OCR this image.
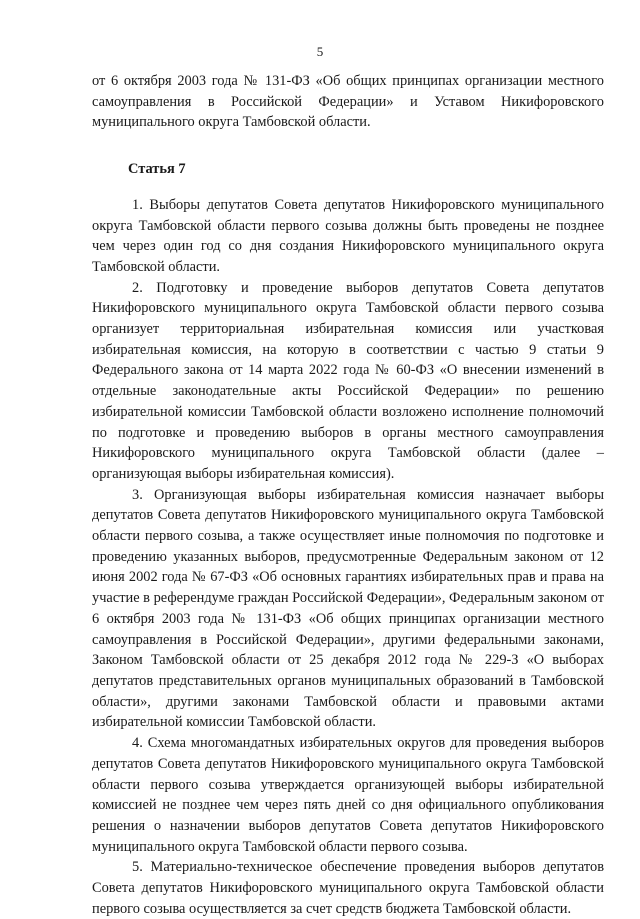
5

от 6 октября 2003 года № 131-ФЗ «Об общих принципах организации местного самоуправления в Российской Федерации» и Уставом Никифоровского муниципального округа Тамбовской области.

Статья 7

1. Выборы депутатов Совета депутатов Никифоровского муниципального округа Тамбовской области первого созыва должны быть проведены не позднее чем через один год со дня создания Никифоровского муниципального округа Тамбовской области.

2. Подготовку и проведение выборов депутатов Совета депутатов Никифоровского муниципального округа Тамбовской области первого созыва организует территориальная избирательная комиссия или участковая избирательная комиссия, на которую в соответствии с частью 9 статьи 9 Федерального закона от 14 марта 2022 года № 60-ФЗ «О внесении изменений в отдельные законодательные акты Российской Федерации» по решению избирательной комиссии Тамбовской области возложено исполнение полномочий по подготовке и проведению выборов в органы местного самоуправления Никифоровского муниципального округа Тамбовской области (далее – организующая выборы избирательная комиссия).

3. Организующая выборы избирательная комиссия назначает выборы депутатов Совета депутатов Никифоровского муниципального округа Тамбовской области первого созыва, а также осуществляет иные полномочия по подготовке и проведению указанных выборов, предусмотренные Федеральным законом от 12 июня 2002 года № 67-ФЗ «Об основных гарантиях избирательных прав и права на участие в референдуме граждан Российской Федерации», Федеральным законом от 6 октября 2003 года № 131-ФЗ «Об общих принципах организации местного самоуправления в Российской Федерации», другими федеральными законами, Законом Тамбовской области от 25 декабря 2012 года № 229-З «О выборах депутатов представительных органов муниципальных образований в Тамбовской области», другими законами Тамбовской области и правовыми актами избирательной комиссии Тамбовской области.

4. Схема многомандатных избирательных округов для проведения выборов депутатов Совета депутатов Никифоровского муниципального округа Тамбовской области первого созыва утверждается организующей выборы избирательной комиссией не позднее чем через пять дней со дня официального опубликования решения о назначении выборов депутатов Совета депутатов Никифоровского муниципального округа Тамбовской области первого созыва.

5. Материально-техническое обеспечение проведения выборов депутатов Совета депутатов Никифоровского муниципального округа Тамбовской области первого созыва осуществляется за счет средств бюджета Тамбовской области.
